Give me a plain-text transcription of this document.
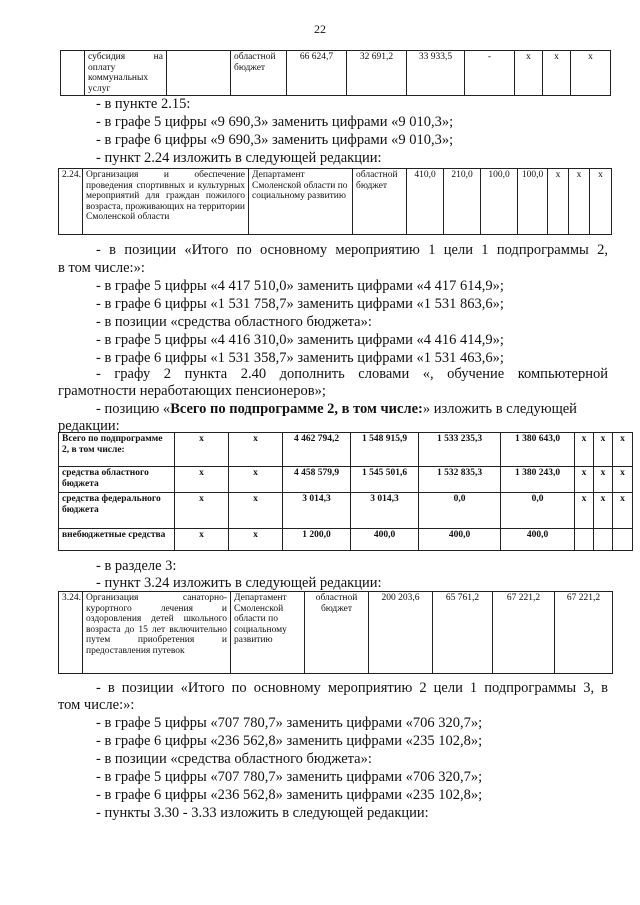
22
	субсидия на оплату коммунальных услуг		областной бюджет	66 624,7	32 691,2	33 933,5	-	х	х	х
- в пункте 2.15:
- в графе 5 цифры «9 690,3» заменить цифрами «9 010,3»;
- в графе 6 цифры «9 690,3» заменить цифрами «9 010,3»;
- пункт 2.24 изложить в следующей редакции:
2.24.	Организация и обеспечение проведения спортивных и культурных мероприятий для граждан пожилого возраста, проживающих на территории Смоленской области	Департамент Смоленской области по социальному развитию	областной бюджет	410,0	210,0	100,0	100,0	х	х	х
- в позиции «Итого по основному мероприятию 1 цели 1 подпрограммы 2,
в том числе:»:
- в графе 5 цифры «4 417 510,0» заменить цифрами «4 417 614,9»;
- в графе 6 цифры «1 531 758,7» заменить цифрами «1 531 863,6»;
- в позиции «средства областного бюджета»:
- в графе 5 цифры «4 416 310,0» заменить цифрами «4 416 414,9»;
- в графе 6 цифры «1 531 358,7» заменить цифрами «1 531 463,6»;
- графу 2 пункта 2.40 дополнить словами «, обучение компьютерной
грамотности неработающих пенсионеров»;
- позицию «Всего по подпрограмме 2, в том числе:» изложить в следующей
редакции:
Всего по подпрограмме 2, в том числе:	х	х	4 462 794,2	1 548 915,9	1 533 235,3	1 380 643,0	х	х	х
средства областного бюджета	х	х	4 458 579,9	1 545 501,6	1 532 835,3	1 380 243,0	х	х	х
средства федерального бюджета	х	х	3 014,3	3 014,3	0,0	0,0	х	х	х
внебюджетные средства	х	х	1 200,0	400,0	400,0	400,0			
- в разделе 3:
- пункт 3.24 изложить в следующей редакции:
3.24.	Организация санаторно-курортного лечения и оздоровления детей школьного возраста до 15 лет включительно путем приобретения и предоставления путевок	Департамент Смоленской области по социальному развитию	областной бюджет	200 203,6	65 761,2	67 221,2	67 221,2
- в позиции «Итого по основному мероприятию 2 цели 1 подпрограммы 3, в
том числе:»:
- в графе 5 цифры «707 780,7» заменить цифрами «706 320,7»;
- в графе 6 цифры «236 562,8» заменить цифрами «235 102,8»;
- в позиции «средства областного бюджета»:
- в графе 5 цифры «707 780,7» заменить цифрами «706 320,7»;
- в графе 6 цифры «236 562,8» заменить цифрами «235 102,8»;
- пункты 3.30 - 3.33 изложить в следующей редакции:
